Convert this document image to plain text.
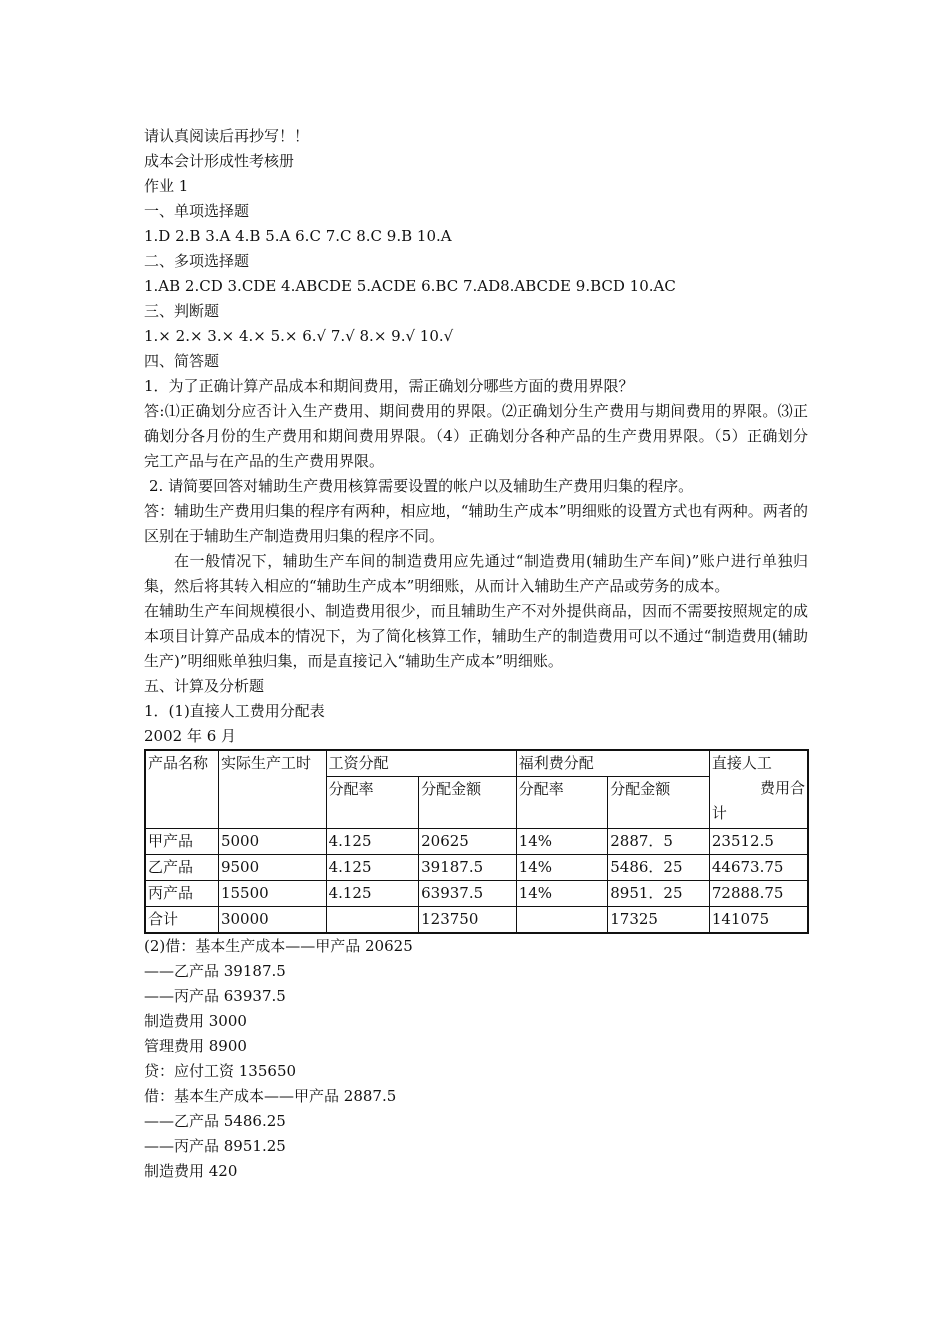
请认真阅读后再抄写！！
成本会计形成性考核册
作业 1
一、单项选择题
1.D 2.B 3.A 4.B 5.A 6.C 7.C 8.C 9.B 10.A
二、多项选择题
1.AB 2.CD 3.CDE 4.ABCDE 5.ACDE 6.BC 7.AD8.ABCDE 9.BCD 10.AC
三、判断题
1.× 2.× 3.× 4.× 5.× 6.√ 7.√ 8.× 9.√ 10.√
四、简答题
1．为了正确计算产品成本和期间费用，需正确划分哪些方面的费用界限？
答:⑴正确划分应否计入生产费用、期间费用的界限。⑵正确划分生产费用与期间费用的界限。⑶正确划分各月份的生产费用和期间费用界限。（4）正确划分各种产品的生产费用界限。（5）正确划分完工产品与在产品的生产费用界限。
2. 请简要回答对辅助生产费用核算需要设置的帐户以及辅助生产费用归集的程序。
答：辅助生产费用归集的程序有两种，相应地，“辅助生产成本”明细账的设置方式也有两种。两者的区别在于辅助生产制造费用归集的程序不同。
在一般情况下，辅助生产车间的制造费用应先通过“制造费用(辅助生产车间)”账户进行单独归集，然后将其转入相应的“辅助生产成本”明细账，从而计入辅助生产产品或劳务的成本。
在辅助生产车间规模很小、制造费用很少，而且辅助生产不对外提供商品，因而不需要按照规定的成本项目计算产品成本的情况下，为了简化核算工作，辅助生产的制造费用可以不通过“制造费用(辅助生产)”明细账单独归集，而是直接记入“辅助生产成本”明细账。
五、计算及分析题
1．(1)直接人工费用分配表
2002 年 6 月
产品名称	实际生产工时	工资分配		福利费分配		直接人工
费用合
计

		分配率	分配金额	分配率	分配金额	
甲产品	5000	4.125	20625	14%	2887．5	23512.5
乙产品	9500	4.125	39187.5	14%	5486．25	44673.75
丙产品	15500	4.125	63937.5	14%	8951．25	72888.75
合计	30000		123750		17325	141075
(2)借：基本生产成本——甲产品 20625
——乙产品 39187.5
——丙产品 63937.5
制造费用 3000
管理费用 8900
贷：应付工资 135650
借：基本生产成本——甲产品 2887.5
——乙产品 5486.25
——丙产品 8951.25
制造费用 420
